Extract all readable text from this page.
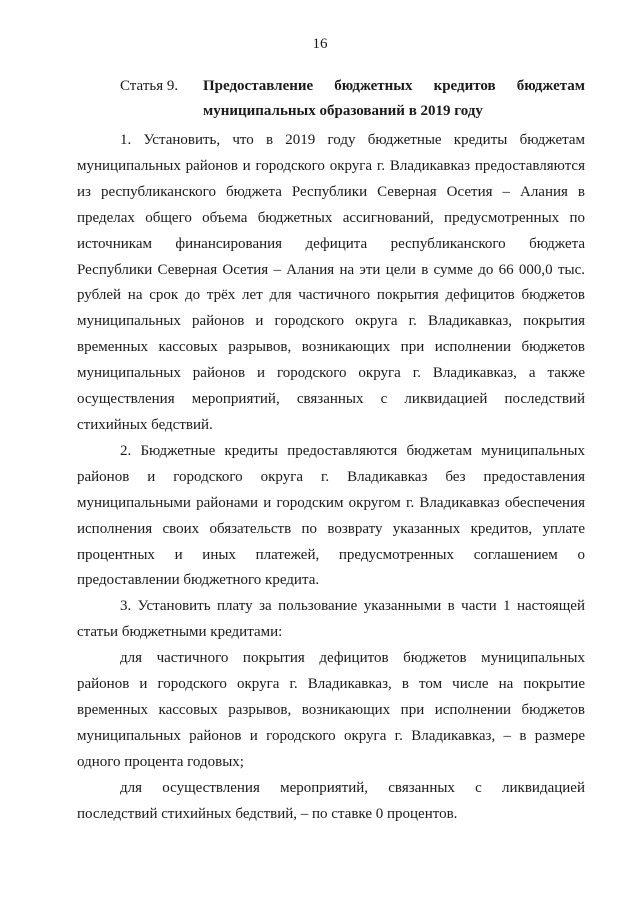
16
Статья 9. Предоставление бюджетных кредитов бюджетам муниципальных образований в 2019 году

1. Установить, что в 2019 году бюджетные кредиты бюджетам муниципальных районов и городского округа г. Владикавказ предоставляются из республиканского бюджета Республики Северная Осетия – Алания в пределах общего объема бюджетных ассигнований, предусмотренных по источникам финансирования дефицита республиканского бюджета Республики Северная Осетия – Алания на эти цели в сумме до 66 000,0 тыс. рублей на срок до трёх лет для частичного покрытия дефицитов бюджетов муниципальных районов и городского округа г. Владикавказ, покрытия временных кассовых разрывов, возникающих при исполнении бюджетов муниципальных районов и городского округа г. Владикавказ, а также осуществления мероприятий, связанных с ликвидацией последствий стихийных бедствий.

2. Бюджетные кредиты предоставляются бюджетам муниципальных районов и городского округа г. Владикавказ без предоставления муниципальными районами и городским округом г. Владикавказ обеспечения исполнения своих обязательств по возврату указанных кредитов, уплате процентных и иных платежей, предусмотренных соглашением о предоставлении бюджетного кредита.

3. Установить плату за пользование указанными в части 1 настоящей статьи бюджетными кредитами:

для частичного покрытия дефицитов бюджетов муниципальных районов и городского округа г. Владикавказ, в том числе на покрытие временных кассовых разрывов, возникающих при исполнении бюджетов муниципальных районов и городского округа г. Владикавказ, – в размере одного процента годовых;

для осуществления мероприятий, связанных с ликвидацией последствий стихийных бедствий, – по ставке 0 процентов.
